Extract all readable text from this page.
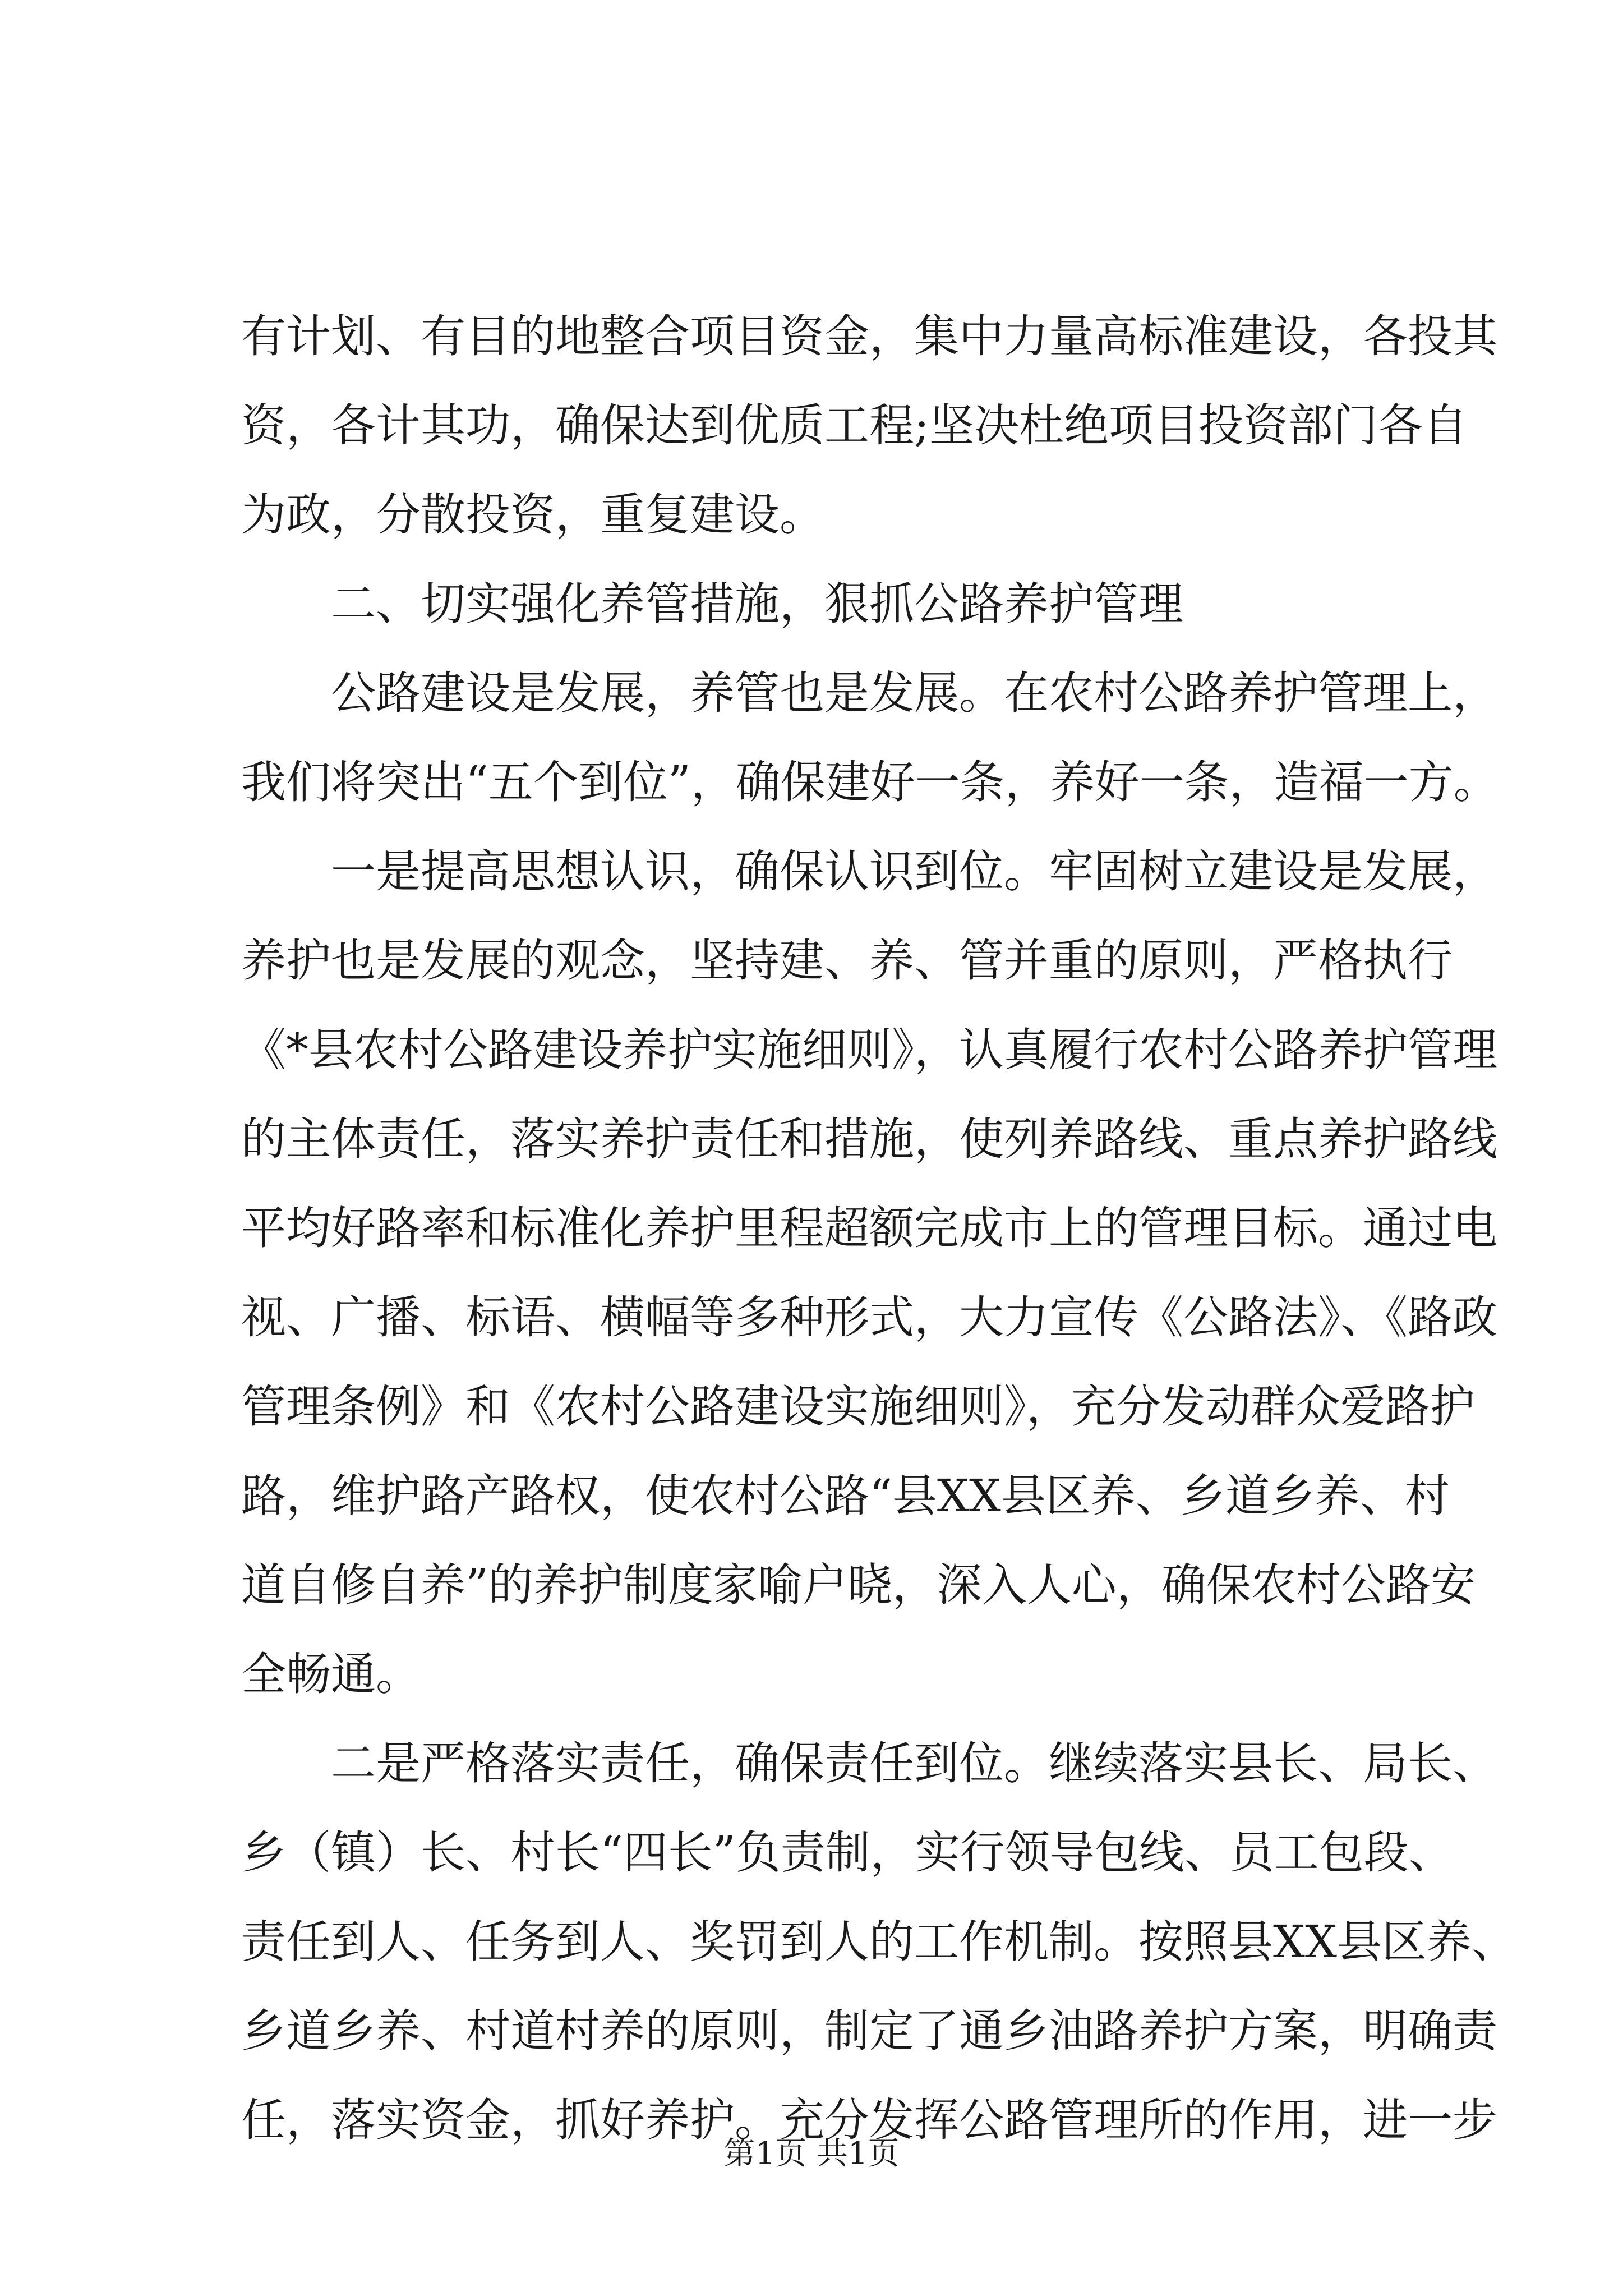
有计划、有目的地整合项目资金，集中力量高标准建设，各投其
资，各计其功，确保达到优质工程;坚决杜绝项目投资部门各自
为政，分散投资，重复建设。
二、切实强化养管措施，狠抓公路养护管理
公路建设是发展，养管也是发展。在农村公路养护管理上，
我们将突出“五个到位”，确保建好一条，养好一条，造福一方。
一是提高思想认识，确保认识到位。牢固树立建设是发展，
养护也是发展的观念，坚持建、养、管并重的原则，严格执行
《*县农村公路建设养护实施细则》，认真履行农村公路养护管理
的主体责任，落实养护责任和措施，使列养路线、重点养护路线
平均好路率和标准化养护里程超额完成市上的管理目标。通过电
视、广播、标语、横幅等多种形式，大力宣传《公路法》、《路政
管理条例》和《农村公路建设实施细则》，充分发动群众爱路护
路，维护路产路权，使农村公路“县XX县区养、乡道乡养、村
道自修自养”的养护制度家喻户晓，深入人心，确保农村公路安
全畅通。
二是严格落实责任，确保责任到位。继续落实县长、局长、
乡（镇）长、村长“四长”负责制，实行领导包线、员工包段、
责任到人、任务到人、奖罚到人的工作机制。按照县XX县区养、
乡道乡养、村道村养的原则，制定了通乡油路养护方案，明确责
任，落实资金，抓好养护。充分发挥公路管理所的作用，进一步
第1页 共1页
